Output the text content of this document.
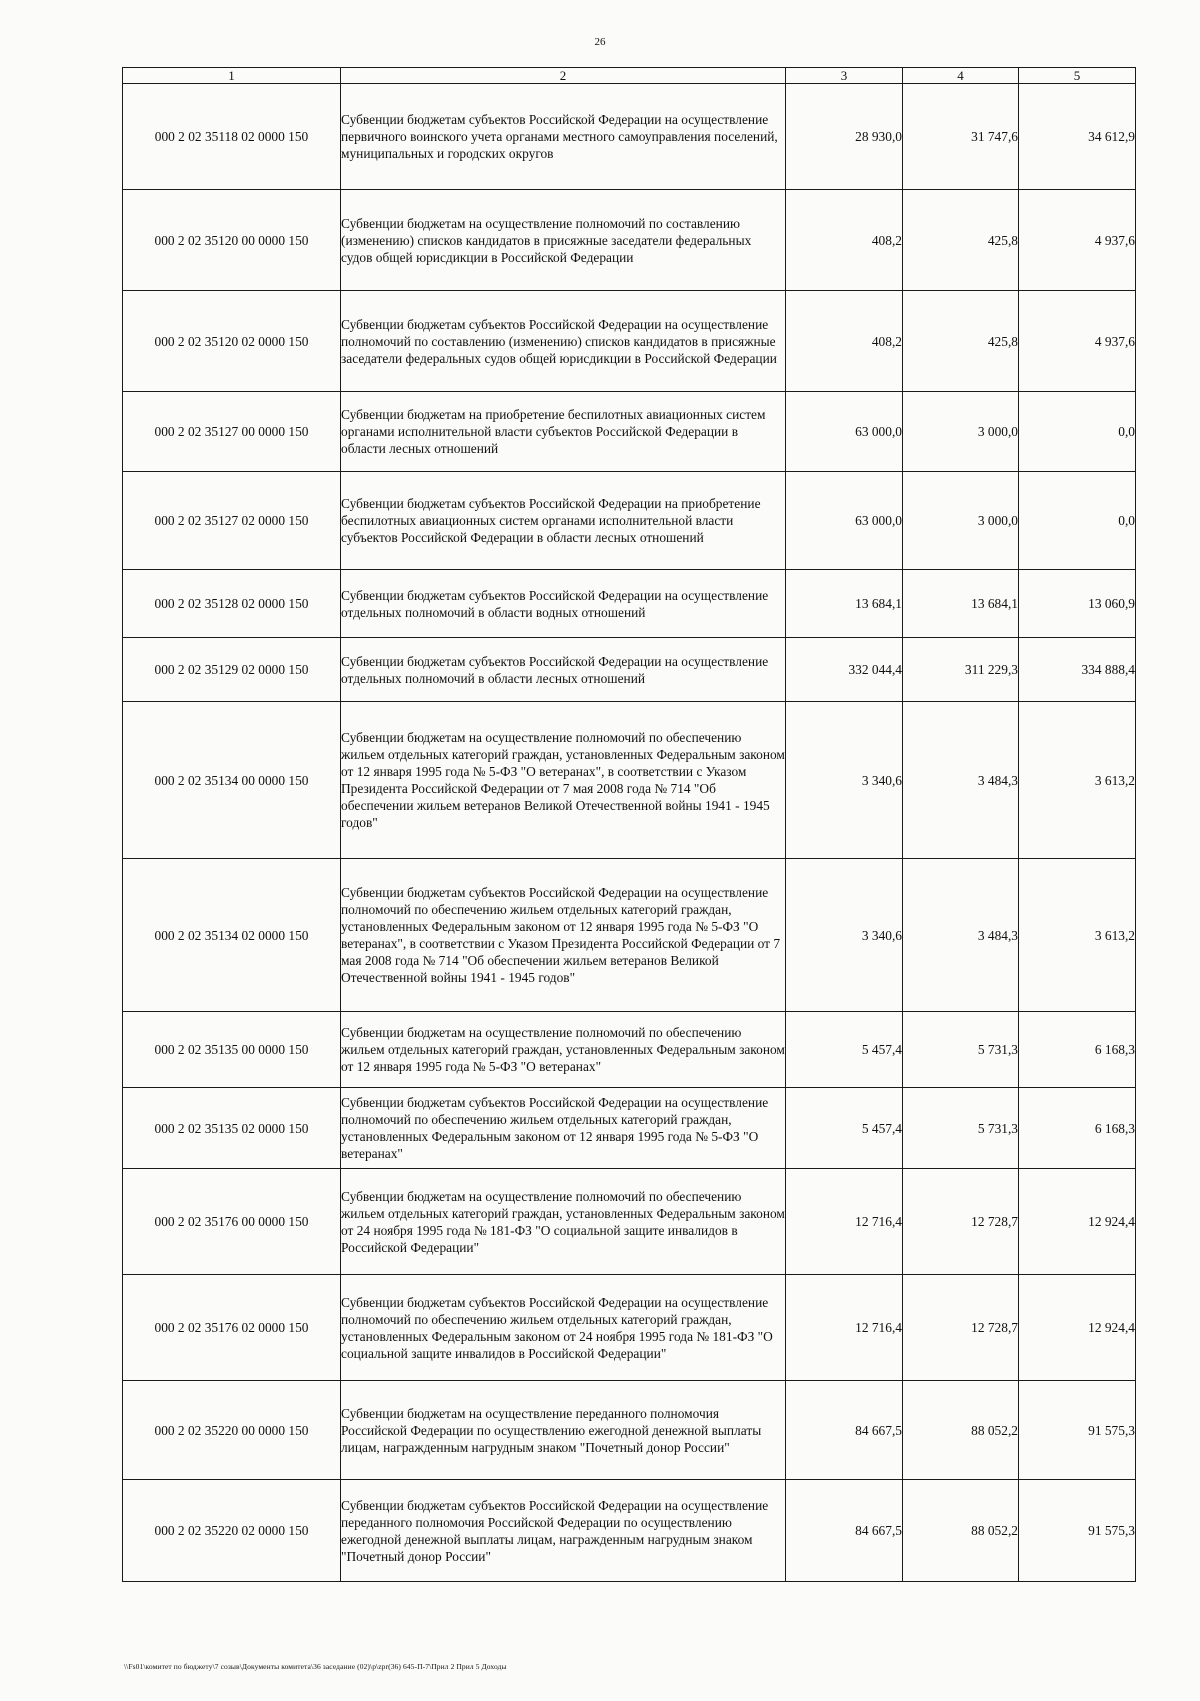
26
1	2	3	4	5
000 2 02 35118 02 0000 150	Субвенции бюджетам субъектов Российской Федерации на осуществление первичного воинского учета органами местного самоуправления поселений, муниципальных и городских округов	28 930,0	31 747,6	34 612,9
000 2 02 35120 00 0000 150	Субвенции бюджетам на осуществление полномочий по составлению (изменению) списков кандидатов в присяжные заседатели федеральных судов общей юрисдикции в Российской Федерации	408,2	425,8	4 937,6
000 2 02 35120 02 0000 150	Субвенции бюджетам субъектов Российской Федерации на осуществление полномочий по составлению (изменению) списков кандидатов в присяжные заседатели федеральных судов общей юрисдикции в Российской Федерации	408,2	425,8	4 937,6
000 2 02 35127 00 0000 150	Субвенции бюджетам на приобретение беспилотных авиационных систем органами исполнительной власти субъектов Российской Федерации в области лесных отношений	63 000,0	3 000,0	0,0
000 2 02 35127 02 0000 150	Субвенции бюджетам субъектов Российской Федерации на приобретение беспилотных авиационных систем органами исполнительной власти субъектов Российской Федерации в области лесных отношений	63 000,0	3 000,0	0,0
000 2 02 35128 02 0000 150	Субвенции бюджетам субъектов Российской Федерации на осуществление отдельных полномочий в области водных отношений	13 684,1	13 684,1	13 060,9
000 2 02 35129 02 0000 150	Субвенции бюджетам субъектов Российской Федерации на осуществление отдельных полномочий в области лесных отношений	332 044,4	311 229,3	334 888,4
000 2 02 35134 00 0000 150	Субвенции бюджетам на осуществление полномочий по обеспечению жильем отдельных категорий граждан, установленных Федеральным законом от 12 января 1995 года № 5-ФЗ "О ветеранах", в соответствии с Указом Президента Российской Федерации от 7 мая 2008 года № 714 "Об обеспечении жильем ветеранов Великой Отечественной войны 1941 - 1945 годов"	3 340,6	3 484,3	3 613,2
000 2 02 35134 02 0000 150	Субвенции бюджетам субъектов Российской Федерации на осуществление полномочий по обеспечению жильем отдельных категорий граждан, установленных Федеральным законом от 12 января 1995 года № 5-ФЗ "О ветеранах", в соответствии с Указом Президента Российской Федерации от 7 мая 2008 года № 714 "Об обеспечении жильем ветеранов Великой Отечественной войны 1941 - 1945 годов"	3 340,6	3 484,3	3 613,2
000 2 02 35135 00 0000 150	Субвенции бюджетам на осуществление полномочий по обеспечению жильем отдельных категорий граждан, установленных Федеральным законом от 12 января 1995 года № 5-ФЗ "О ветеранах"	5 457,4	5 731,3	6 168,3
000 2 02 35135 02 0000 150	Субвенции бюджетам субъектов Российской Федерации на осуществление полномочий по обеспечению жильем отдельных категорий граждан, установленных Федеральным законом от 12 января 1995 года № 5-ФЗ "О ветеранах"	5 457,4	5 731,3	6 168,3
000 2 02 35176 00 0000 150	Субвенции бюджетам на осуществление полномочий по обеспечению жильем отдельных категорий граждан, установленных Федеральным законом от 24 ноября 1995 года № 181-ФЗ "О социальной защите инвалидов в Российской Федерации"	12 716,4	12 728,7	12 924,4
000 2 02 35176 02 0000 150	Субвенции бюджетам субъектов Российской Федерации на осуществление полномочий по обеспечению жильем отдельных категорий граждан, установленных Федеральным законом от 24 ноября 1995 года № 181-ФЗ "О социальной защите инвалидов в Российской Федерации"	12 716,4	12 728,7	12 924,4
000 2 02 35220 00 0000 150	Субвенции бюджетам на осуществление переданного полномочия Российской Федерации по осуществлению ежегодной денежной выплаты лицам, награжденным нагрудным знаком "Почетный донор России"	84 667,5	88 052,2	91 575,3
000 2 02 35220 02 0000 150	Субвенции бюджетам субъектов Российской Федерации на осуществление переданного полномочия Российской Федерации по осуществлению ежегодной денежной выплаты лицам, награжденным нагрудным знаком "Почетный донор России"	84 667,5	88 052,2	91 575,3
\\Fs01\комитет по бюджету\7 созыв\Документы комитета\36 заседание (02)\р\zpr(36) 645-П-7\Прил 2 Прил 5 Доходы
